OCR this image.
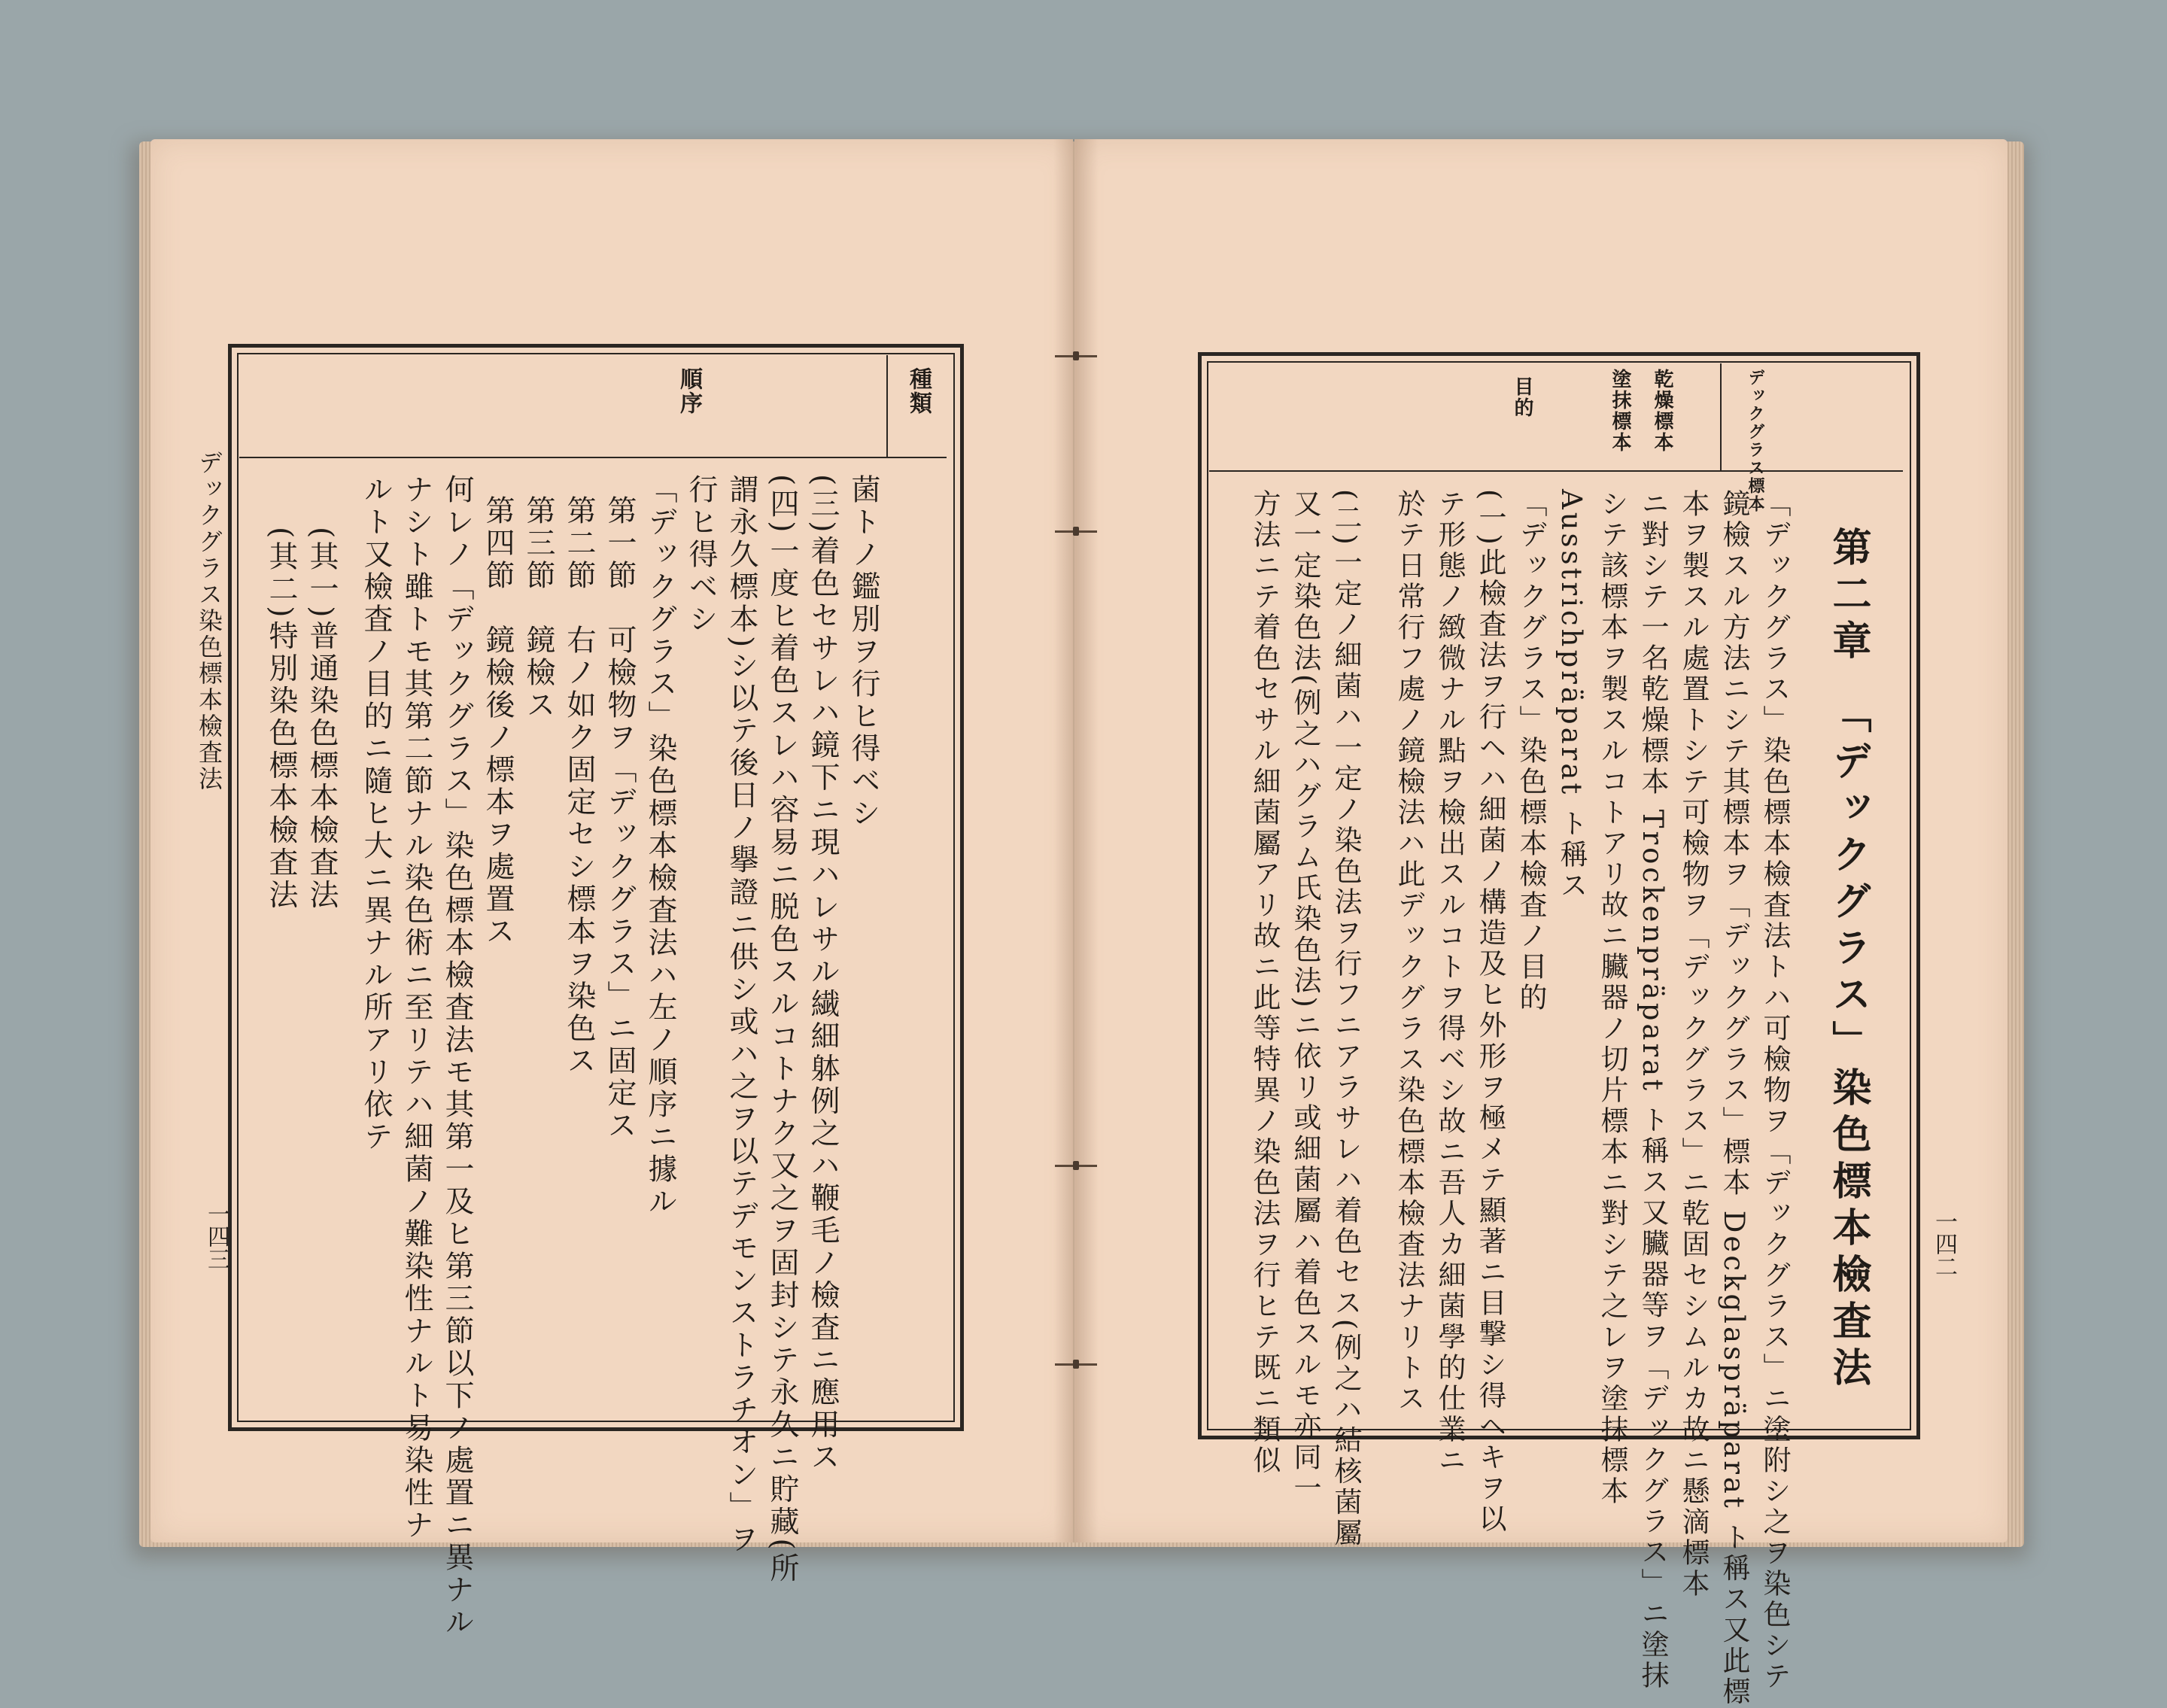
デックグラス染色標本檢査法
一四三
種類
順序
菌トノ鑑別ヲ行ヒ得ベシ
(三)着色セサレハ鏡下ニ現ハレサル繊細躰例之ハ鞭毛ノ檢査ニ應用ス
(四)一度ヒ着色スレハ容易ニ脱色スルコトナク又之ヲ固封シテ永久ニ貯藏(所
謂永久標本)シ以テ後日ノ擧證ニ供シ或ハ之ヲ以テデモンストラチオン」ヲ
行ヒ得ベシ
「デックグラス」染色標本檢査法ハ左ノ順序ニ據ル
第一節　可檢物ヲ「デックグラス」ニ固定ス
第二節　右ノ如ク固定セシ標本ヲ染色ス
第三節　鏡檢ス
第四節　鏡檢後ノ標本ヲ處置ス
何レノ「デックグラス」染色標本檢査法モ其第一及ヒ第三節以下ノ處置ニ異ナル
ナシト雖トモ其第二節ナル染色術ニ至リテハ細菌ノ難染性ナルト易染性ナ
ルト又檢査ノ目的ニ隨ヒ大ニ異ナル所アリ依テ
(其一)普通染色標本檢査法
(其二)特別染色標本檢査法
一四二
デックグラス標本
乾燥標本
塗抹標本
目的
第二章　「デックグラス」染色標本檢査法
「デックグラス」染色標本檢査法トハ可檢物ヲ「デックグラス」ニ塗附シ之ヲ染色シテ
鏡檢スル方法ニシテ其標本ヲ「デックグラス」標本 Deckglaspräparat ト稱ス又此標
本ヲ製スル處置トシテ可檢物ヲ「デックグラス」ニ乾固セシムルカ故ニ懸滴標本
ニ對シテ一名乾燥標本 Trockenpräparat ト稱ス又臟器等ヲ「デックグラス」ニ塗抹
シテ該標本ヲ製スルコトアリ故ニ臟器ノ切片標本ニ對シテ之レヲ塗抹標本
Ausstrichpräparat ト稱ス
「デックグラス」染色標本檢査ノ目的
(一)此檢査法ヲ行ヘハ細菌ノ構造及ヒ外形ヲ極メテ顯著ニ目撃シ得ヘキヲ以
テ形態ノ緻微ナル點ヲ檢出スルコトヲ得ベシ故ニ吾人カ細菌學的仕業ニ
於テ日常行フ處ノ鏡檢法ハ此デックグラス染色標本檢査法ナリトス
(二)一定ノ細菌ハ一定ノ染色法ヲ行フニアラサレハ着色セス(例之ハ結核菌屬
又一定染色法(例之ハグラム氏染色法)ニ依リ或細菌屬ハ着色スルモ亦同一
方法ニテ着色セサル細菌屬アリ故ニ此等特異ノ染色法ヲ行ヒテ既ニ類似
